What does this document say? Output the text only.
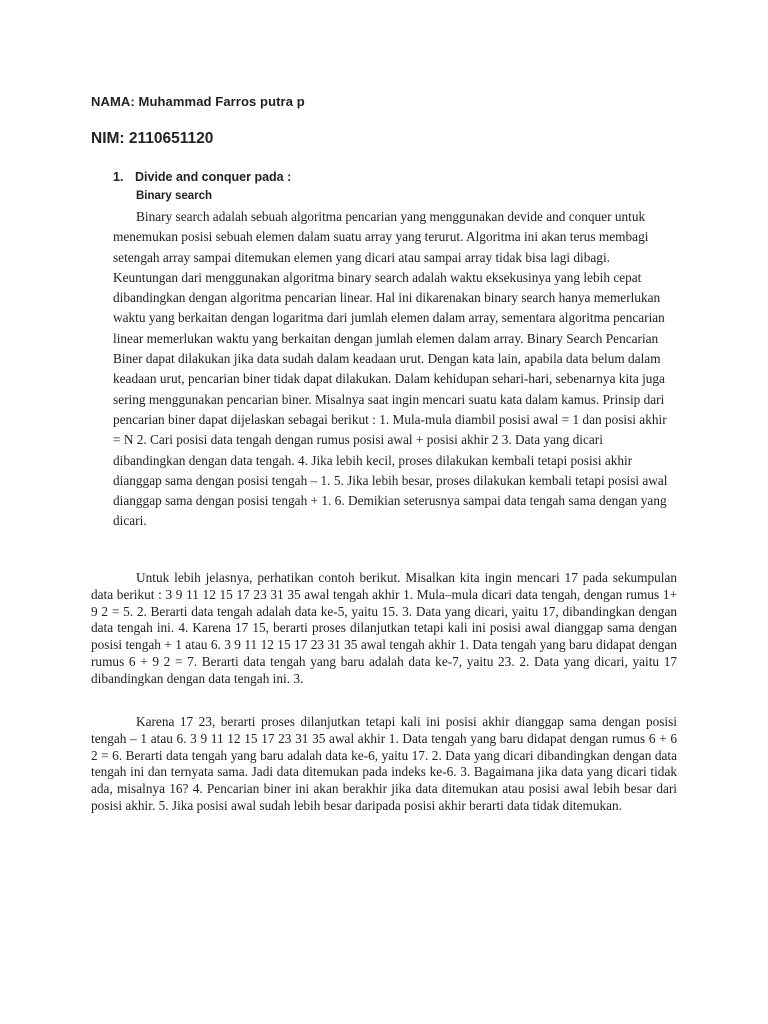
NAMA: Muhammad Farros putra p
NIM: 2110651120
1. Divide and conquer pada :
Binary search

Binary search adalah sebuah algoritma pencarian yang menggunakan devide and conquer untuk menemukan posisi sebuah elemen dalam suatu array yang terurut. Algoritma ini akan terus membagi setengah array sampai ditemukan elemen yang dicari atau sampai array tidak bisa lagi dibagi. Keuntungan dari menggunakan algoritma binary search adalah waktu eksekusinya yang lebih cepat dibandingkan dengan algoritma pencarian linear. Hal ini dikarenakan binary search hanya memerlukan waktu yang berkaitan dengan logaritma dari jumlah elemen dalam array, sementara algoritma pencarian linear memerlukan waktu yang berkaitan dengan jumlah elemen dalam array. Binary Search Pencarian Biner dapat dilakukan jika data sudah dalam keadaan urut. Dengan kata lain, apabila data belum dalam keadaan urut, pencarian biner tidak dapat dilakukan. Dalam kehidupan sehari-hari, sebenarnya kita juga sering menggunakan pencarian biner. Misalnya saat ingin mencari suatu kata dalam kamus. Prinsip dari pencarian biner dapat dijelaskan sebagai berikut : 1. Mula-mula diambil posisi awal = 1 dan posisi akhir = N 2. Cari posisi data tengah dengan rumus posisi awal + posisi akhir 2 3. Data yang dicari dibandingkan dengan data tengah. 4. Jika lebih kecil, proses dilakukan kembali tetapi posisi akhir dianggap sama dengan posisi tengah – 1. 5. Jika lebih besar, proses dilakukan kembali tetapi posisi awal dianggap sama dengan posisi tengah + 1. 6. Demikian seterusnya sampai data tengah sama dengan yang dicari.

Untuk lebih jelasnya, perhatikan contoh berikut. Misalkan kita ingin mencari 17 pada sekumpulan data berikut : 3 9 11 12 15 17 23 31 35 awal tengah akhir 1. Mula–mula dicari data tengah, dengan rumus 1+ 9 2 = 5. 2. Berarti data tengah adalah data ke-5, yaitu 15. 3. Data yang dicari, yaitu 17, dibandingkan dengan data tengah ini. 4. Karena 17 15, berarti proses dilanjutkan tetapi kali ini posisi awal dianggap sama dengan posisi tengah + 1 atau 6. 3 9 11 12 15 17 23 31 35 awal tengah akhir 1. Data tengah yang baru didapat dengan rumus 6 + 9 2 = 7. Berarti data tengah yang baru adalah data ke-7, yaitu 23. 2. Data yang dicari, yaitu 17 dibandingkan dengan data tengah ini. 3.

Karena 17 23, berarti proses dilanjutkan tetapi kali ini posisi akhir dianggap sama dengan posisi tengah – 1 atau 6. 3 9 11 12 15 17 23 31 35 awal akhir 1. Data tengah yang baru didapat dengan rumus 6 + 6 2 = 6. Berarti data tengah yang baru adalah data ke-6, yaitu 17. 2. Data yang dicari dibandingkan dengan data tengah ini dan ternyata sama. Jadi data ditemukan pada indeks ke-6. 3. Bagaimana jika data yang dicari tidak ada, misalnya 16? 4. Pencarian biner ini akan berakhir jika data ditemukan atau posisi awal lebih besar dari posisi akhir. 5. Jika posisi awal sudah lebih besar daripada posisi akhir berarti data tidak ditemukan.
